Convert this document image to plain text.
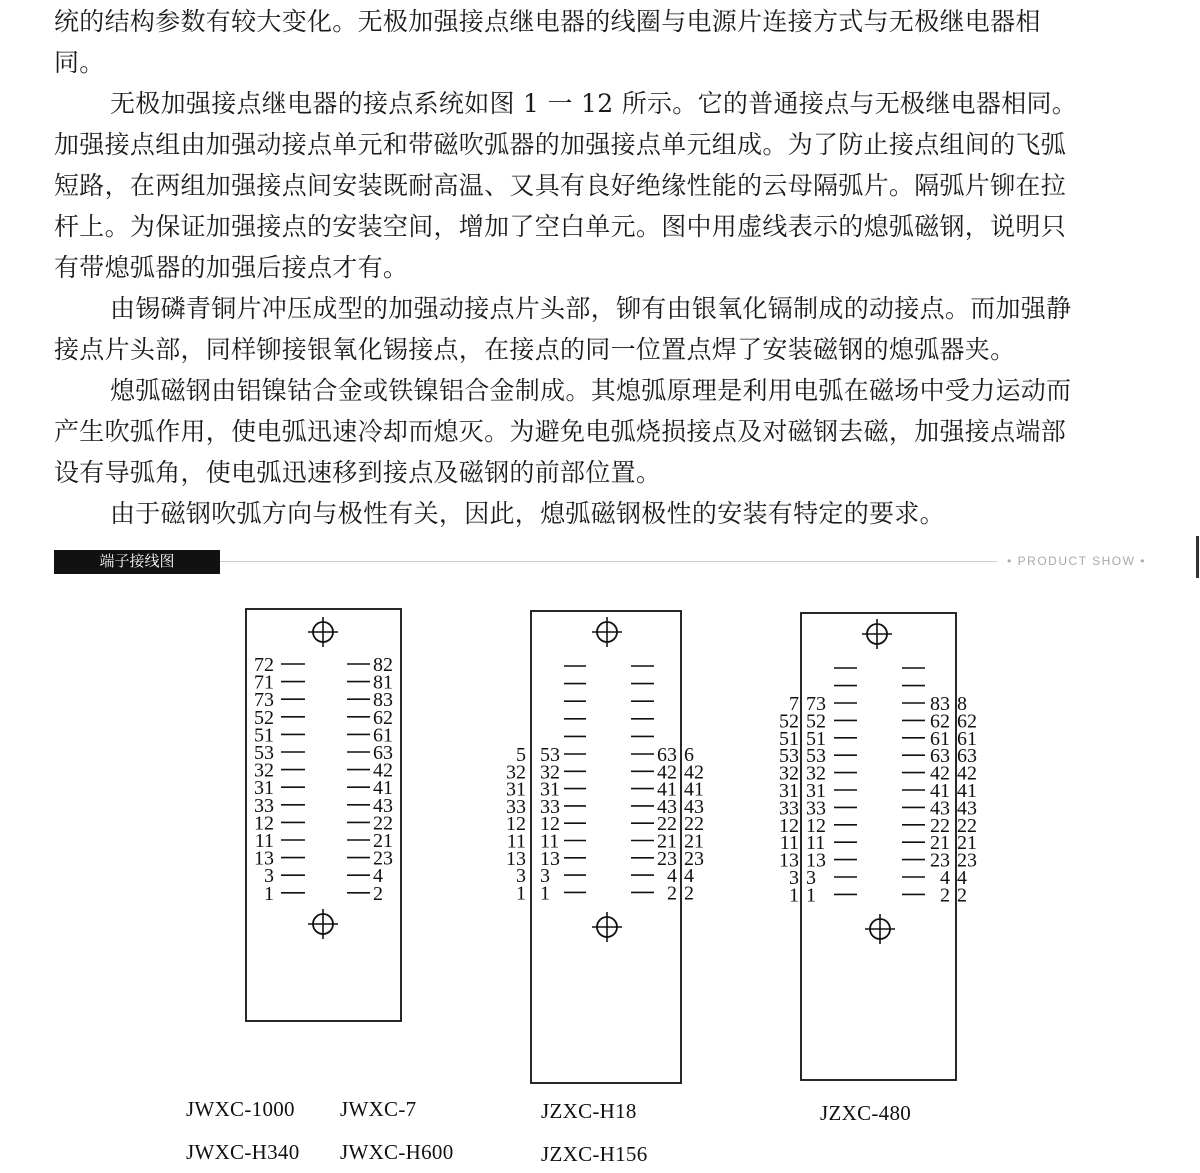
统的结构参数有较大变化。无极加强接点继电器的线圈与电源片连接方式与无极继电器相
同。
无极加强接点继电器的接点系统如图 1 一 12 所示。它的普通接点与无极继电器相同。
加强接点组由加强动接点单元和带磁吹弧器的加强接点单元组成。为了防止接点组间的飞弧
短路，在两组加强接点间安装既耐高温、又具有良好绝缘性能的云母隔弧片。隔弧片铆在拉
杆上。为保证加强接点的安装空间，增加了空白单元。图中用虚线表示的熄弧磁钢，说明只
有带熄弧器的加强后接点才有。
由锡磷青铜片冲压成型的加强动接点片头部，铆有由银氧化镉制成的动接点。而加强静
接点片头部，同样铆接银氧化锡接点，在接点的同一位置点焊了安装磁钢的熄弧器夹。
熄弧磁钢由铝镍钴合金或铁镍铝合金制成。其熄弧原理是利用电弧在磁场中受力运动而
产生吹弧作用，使电弧迅速冷却而熄灭。为避免电弧烧损接点及对磁钢去磁，加强接点端部
设有导弧角，使电弧迅速移到接点及磁钢的前部位置。
由于磁钢吹弧方向与极性有关，因此，熄弧磁钢极性的安装有特定的要求。
端子接线图	• PRODUCT SHOW •
72	82
71	81
73	83
52	62
51	61
53	63
32	42
31	41
33	43
12	22
11	21
13	23
3	4
1	2
5 53	63 6
32 32	42 42
31 31	41 41
33 33	43 43
12 12	22 22
11 11	21 21
13 13	23 23
3 3	4 4
1 1	2 2
7 73	83 8
52 52	62 62
51 51	61 61
53 53	63 63
32 32	42 42
31 31	41 41
33 33	43 43
12 12	22 22
11 11	21 21
13 13	23 23
3 3	4 4
1 1	2 2
JWXC-1000 JWXC-7
JWXC-H340 JWXC-H600
JZXC-H18
JZXC-H156
JZXC-480
